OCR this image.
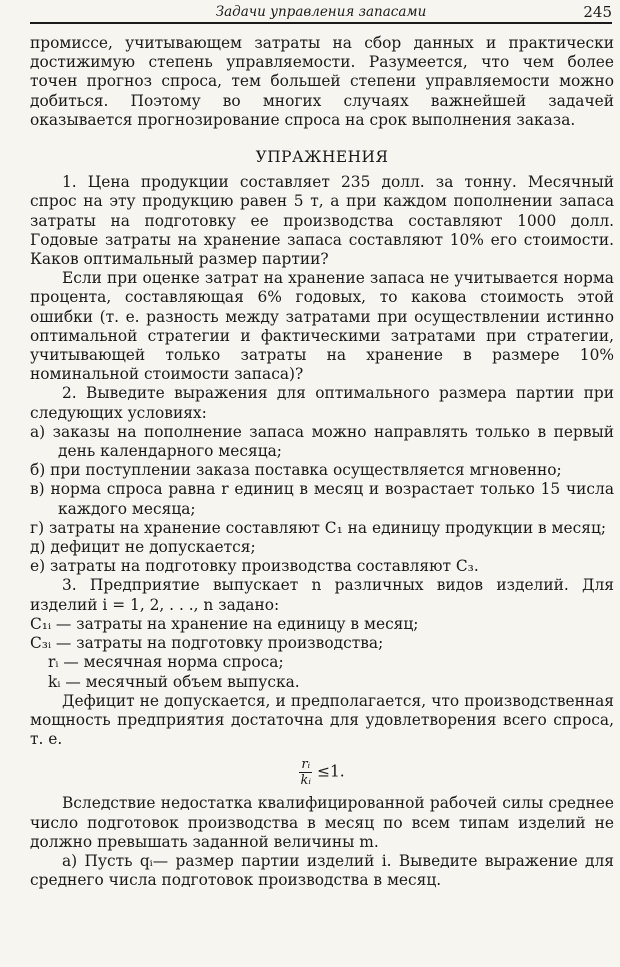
Задачи управления запасами	245

промиссе, учитывающем затраты на сбор данных и практически достижимую степень управляемости. Разумеется, что чем более точен прогноз спроса, тем большей степени управляемости можно добиться. Поэтому во многих случаях важнейшей задачей оказывается прогнозирование спроса на срок выполнения заказа.

УПРАЖНЕНИЯ

1. Цена продукции составляет 235 долл. за тонну. Месячный спрос на эту продукцию равен 5 т, а при каждом пополнении запаса затраты на подготовку ее производства составляют 1000 долл. Годовые затраты на хранение запаса составляют 10% его стоимости. Каков оптимальный размер партии?

Если при оценке затрат на хранение запаса не учитывается норма процента, составляющая 6% годовых, то какова стоимость этой ошибки (т. е. разность между затратами при осуществлении истинно оптимальной стратегии и фактическими затратами при стратегии, учитывающей только затраты на хранение в размере 10% номинальной стоимости запаса)?

2. Выведите выражения для оптимального размера партии при следующих условиях:

а) заказы на пополнение запаса можно направлять только в первый день календарного месяца;

б) при поступлении заказа поставка осуществляется мгновенно;

в) норма спроса равна r единиц в месяц и возрастает только 15 числа каждого месяца;

г) затраты на хранение составляют C₁ на единицу продукции в месяц;

д) дефицит не допускается;

е) затраты на подготовку производства составляют C₃.

3. Предприятие выпускает n различных видов изделий. Для изделий i = 1, 2, . . ., n задано:

C₁ᵢ — затраты на хранение на единицу в месяц;

C₃ᵢ — затраты на подготовку производства;

rᵢ — месячная норма спроса;

kᵢ — месячный объем выпуска.

Дефицит не допускается, и предполагается, что производственная мощность предприятия достаточна для удовлетворения всего спроса, т. е.

$\frac{\text{rᵢ}}{\text{kᵢ}} \le 1$.

Вследствие недостатка квалифицированной рабочей силы среднее число подготовок производства в месяц по всем типам изделий не должно превышать заданной величины m.

а) Пусть qᵢ— размер партии изделий i. Выведите выражение для среднего числа подготовок производства в месяц.
